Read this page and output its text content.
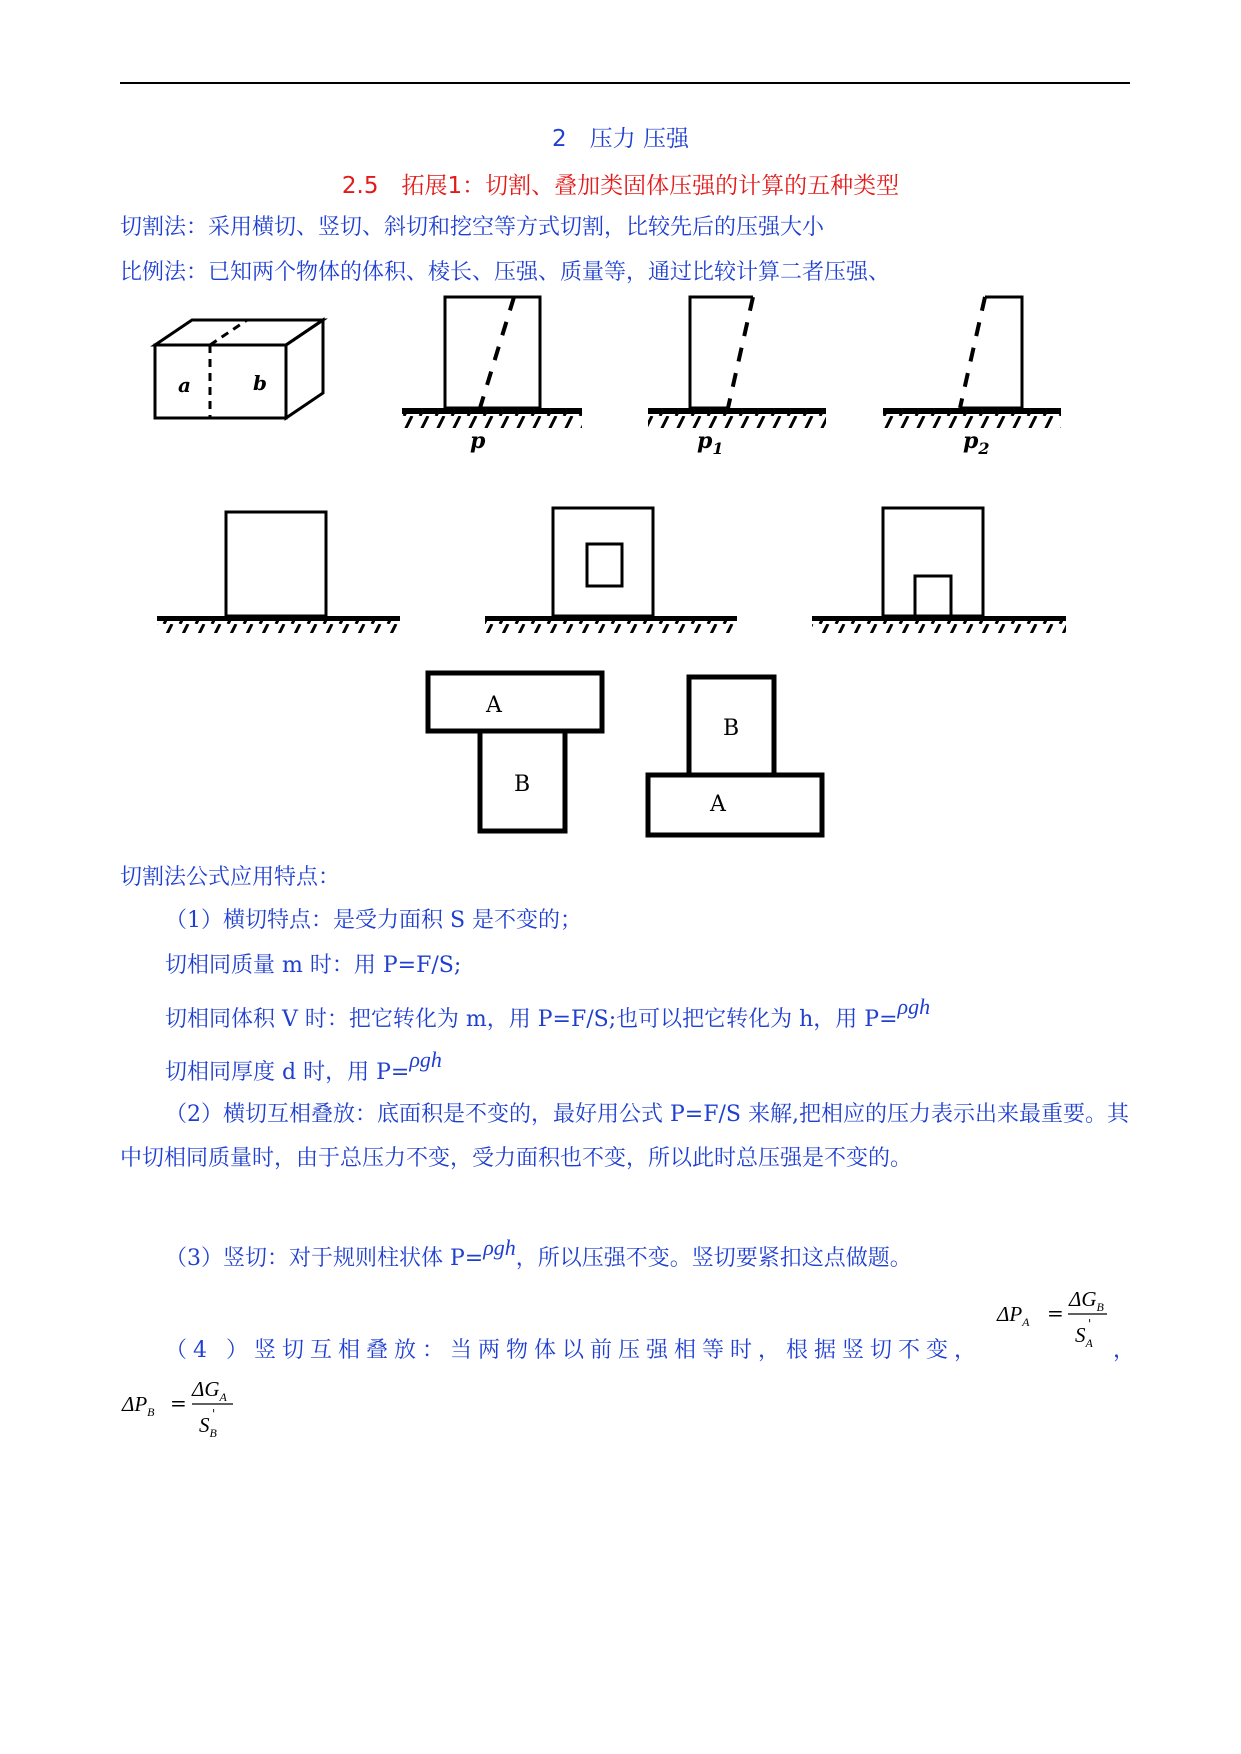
2　压力 压强
2.5　拓展1：切割、叠加类固体压强的计算的五种类型
切割法：采用横切、竖切、斜切和挖空等方式切割，比较先后的压强大小
比例法：已知两个物体的体积、棱长、压强、质量等，通过比较计算二者压强、
a	b
p	$p_1$	$p_2$
A
B
B
A
切割法公式应用特点：
（1）横切特点：是受力面积 S 是不变的；
切相同质量 m 时：用 P=F/S;
切相同体积 V 时：把它转化为 m，用 P=F/S;也可以把它转化为 h，用 P=ρgh
切相同厚度 d 时，用 P=ρgh
（2）横切互相叠放：底面积是不变的，最好用公式 P=F/S 来解,把相应的压力表示出来最重要。其中切相同质量时，由于总压力不变，受力面积也不变，所以此时总压强是不变的。
（3）竖切：对于规则柱状体 P=ρgh，所以压强不变。竖切要紧扣这点做题。
（4 ）竖切互相叠放：当两物体以前压强相等时，根据竖切不变，
$\Delta P_A$ =
$\Delta G_B$
$S_A$
'
，
$\Delta P_B$ =
$\Delta G_A$
$S_B$
'
